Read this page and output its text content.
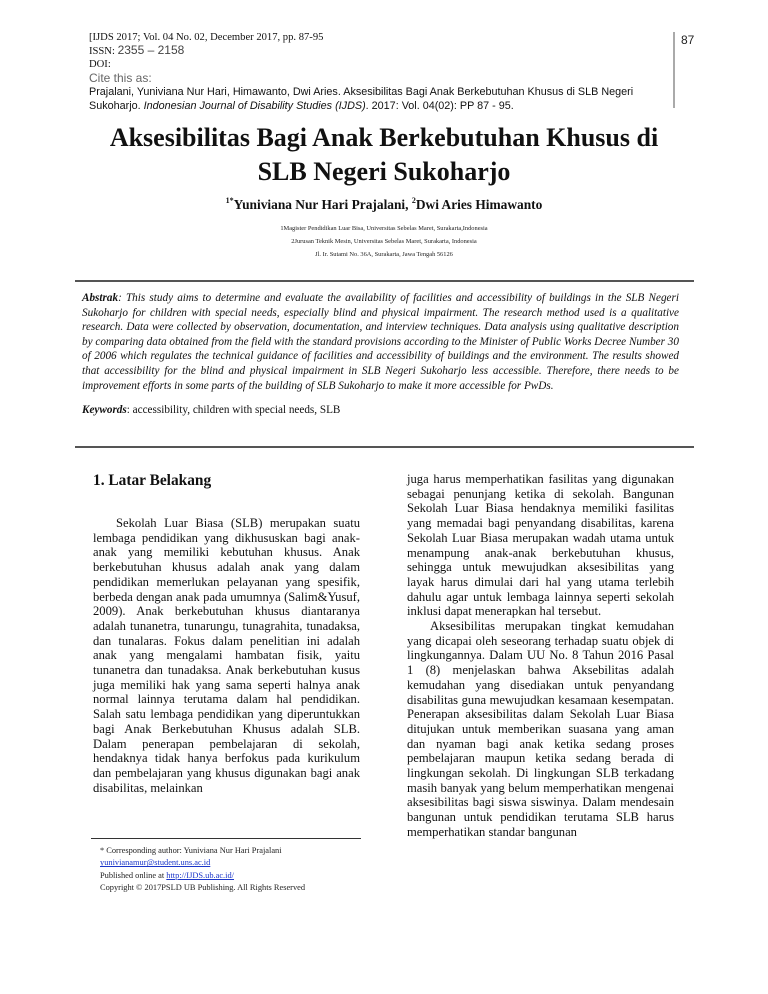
[IJDS 2017; Vol. 04 No. 02, December 2017, pp. 87-95
ISSN: 2355 – 2158
DOI:
Cite this as:
Prajalani, Yuniviana Nur Hari, Himawanto, Dwi Aries. Aksesibilitas Bagi Anak Berkebutuhan Khusus di SLB Negeri Sukoharjo. Indonesian Journal of Disability Studies (IJDS). 2017: Vol. 04(02): PP 87 - 95.
87
Aksesibilitas Bagi Anak Berkebutuhan Khusus di
SLB Negeri Sukoharjo
$^{1*}$Yuniviana Nur Hari Prajalani, $^2$Dwi Aries Himawanto
1Magister Pendidikan Luar Bisa, Universitas Sebelas Maret, Surakarta,Indonesia
2Jurusan Teknik Mesin, Universitas Sebelas Maret, Surakarta, Indonesia
Jl. Ir. Sutami No. 36A, Surakarta, Jawa Tengah 56126
Abstrak: This study aims to determine and evaluate the availability of facilities and accessibility of buildings in the SLB Negeri Sukoharjo for children with special needs, especially blind and physical impairment. The research method used is a qualitative research. Data were collected by observation, documentation, and interview techniques. Data analysis using qualitative description by comparing data obtained from the field with the standard provisions according to the Minister of Public Works Decree Number 30 of 2006 which regulates the technical guidance of facilities and accessibility of buildings and the environment. The results showed that accessibility for the blind and physical impairment in SLB Negeri Sukoharjo less accessible. Therefore, there needs to be improvement efforts in some parts of the building of SLB Sukoharjo to make it more accessible for PwDs.
Keywords: accessibility, children with special needs, SLB
1. Latar Belakang

Sekolah Luar Biasa (SLB) merupakan suatu lembaga pendidikan yang dikhususkan bagi anak-anak yang memiliki kebutuhan khusus. Anak berkebutuhan khusus adalah anak yang dalam pendidikan memerlukan pelayanan yang spesifik, berbeda dengan anak pada umumnya (Salim&Yusuf, 2009). Anak berkebutuhan khusus diantaranya adalah tunanetra, tunarungu, tunagrahita, tunadaksa, dan tunalaras. Fokus dalam penelitian ini adalah anak yang mengalami hambatan fisik, yaitu tunanetra dan tunadaksa. Anak berkebutuhan kusus juga memiliki hak yang sama seperti halnya anak normal lainnya terutama dalam hal pendidikan. Salah satu lembaga pendidikan yang diperuntukkan bagi Anak Berkebutuhan Khusus adalah SLB. Dalam penerapan pembelajaran di sekolah, hendaknya tidak hanya berfokus pada kurikulum dan pembelajaran yang khusus digunakan bagi anak disabilitas, melainkan

juga harus memperhatikan fasilitas yang digunakan sebagai penunjang ketika di sekolah. Bangunan Sekolah Luar Biasa hendaknya memiliki fasilitas yang memadai bagi penyandang disabilitas, karena Sekolah Luar Biasa merupakan wadah utama untuk menampung anak-anak berkebutuhan khusus, sehingga untuk mewujudkan aksesibilitas yang layak harus dimulai dari hal yang utama terlebih dahulu agar untuk lembaga lainnya seperti sekolah inklusi dapat menerapkan hal tersebut.

Aksesibilitas merupakan tingkat kemudahan yang dicapai oleh seseorang terhadap suatu objek di lingkungannya. Dalam UU No. 8 Tahun 2016 Pasal 1 (8) menjelaskan bahwa Aksebilitas adalah kemudahan yang disediakan untuk penyandang disabilitas guna mewujudkan kesamaan kesempatan. Penerapan aksesibilitas dalam Sekolah Luar Biasa ditujukan untuk memberikan suasana yang aman dan nyaman bagi anak ketika sedang proses pembelajaran maupun ketika sedang berada di lingkungan sekolah. Di lingkungan SLB terkadang masih banyak yang belum memperhatikan mengenai aksesibilitas bagi siswa siswinya. Dalam mendesain bangunan untuk pendidikan terutama SLB harus memperhatikan standar bangunan

* Corresponding author: Yuniviana Nur Hari Prajalani
yunivianamur@student.uns.ac.id
Published online at http://IJDS.ub.ac.id/
Copyright © 2017PSLD UB Publishing. All Rights Reserved
